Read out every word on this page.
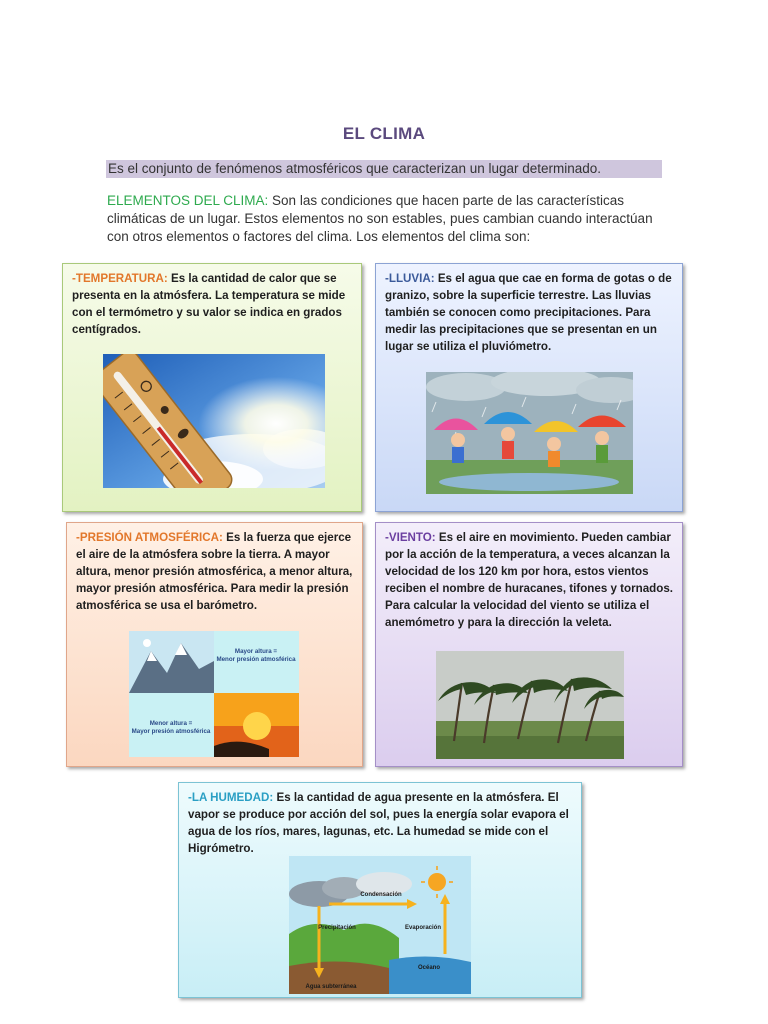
EL CLIMA
Es el conjunto de fenómenos atmosféricos que caracterizan un lugar determinado.
ELEMENTOS DEL CLIMA: Son las condiciones que hacen parte de las características climáticas de un lugar. Estos elementos no son estables, pues cambian cuando interactúan con otros elementos o factores del clima. Los elementos del clima son:
-TEMPERATURA: Es la cantidad de calor que se presenta en la atmósfera. La temperatura se mide con el termómetro y su valor se indica en grados centígrados.
-LLUVIA: Es el agua que cae en forma de gotas o de granizo, sobre la superficie terrestre. Las lluvias también se conocen como precipitaciones. Para medir las precipitaciones que se presentan en un lugar se utiliza el pluviómetro.
-PRESIÓN ATMOSFÉRICA: Es la fuerza que ejerce el aire de la atmósfera sobre la tierra. A mayor altura, menor presión atmosférica, a menor altura, mayor presión atmosférica. Para medir la presión atmosférica se usa el barómetro.
Mayor altura =
Menor presión atmosférica
Menor altura =
Mayor presión atmosférica
-VIENTO: Es el aire en movimiento. Pueden cambiar por la acción de la temperatura, a veces alcanzan la velocidad de los 120 km por hora, estos vientos reciben el nombre de huracanes, tifones y tornados. Para calcular la velocidad del viento se utiliza el anemómetro y para la dirección la veleta.
-LA HUMEDAD: Es la cantidad de agua presente en la atmósfera. El vapor se produce por acción del sol, pues la energía solar evapora el agua de los ríos, mares, lagunas, etc. La humedad se mide con el Higrómetro.
Condensación
Precipitación	Evaporación
Océano
Agua subterránea
